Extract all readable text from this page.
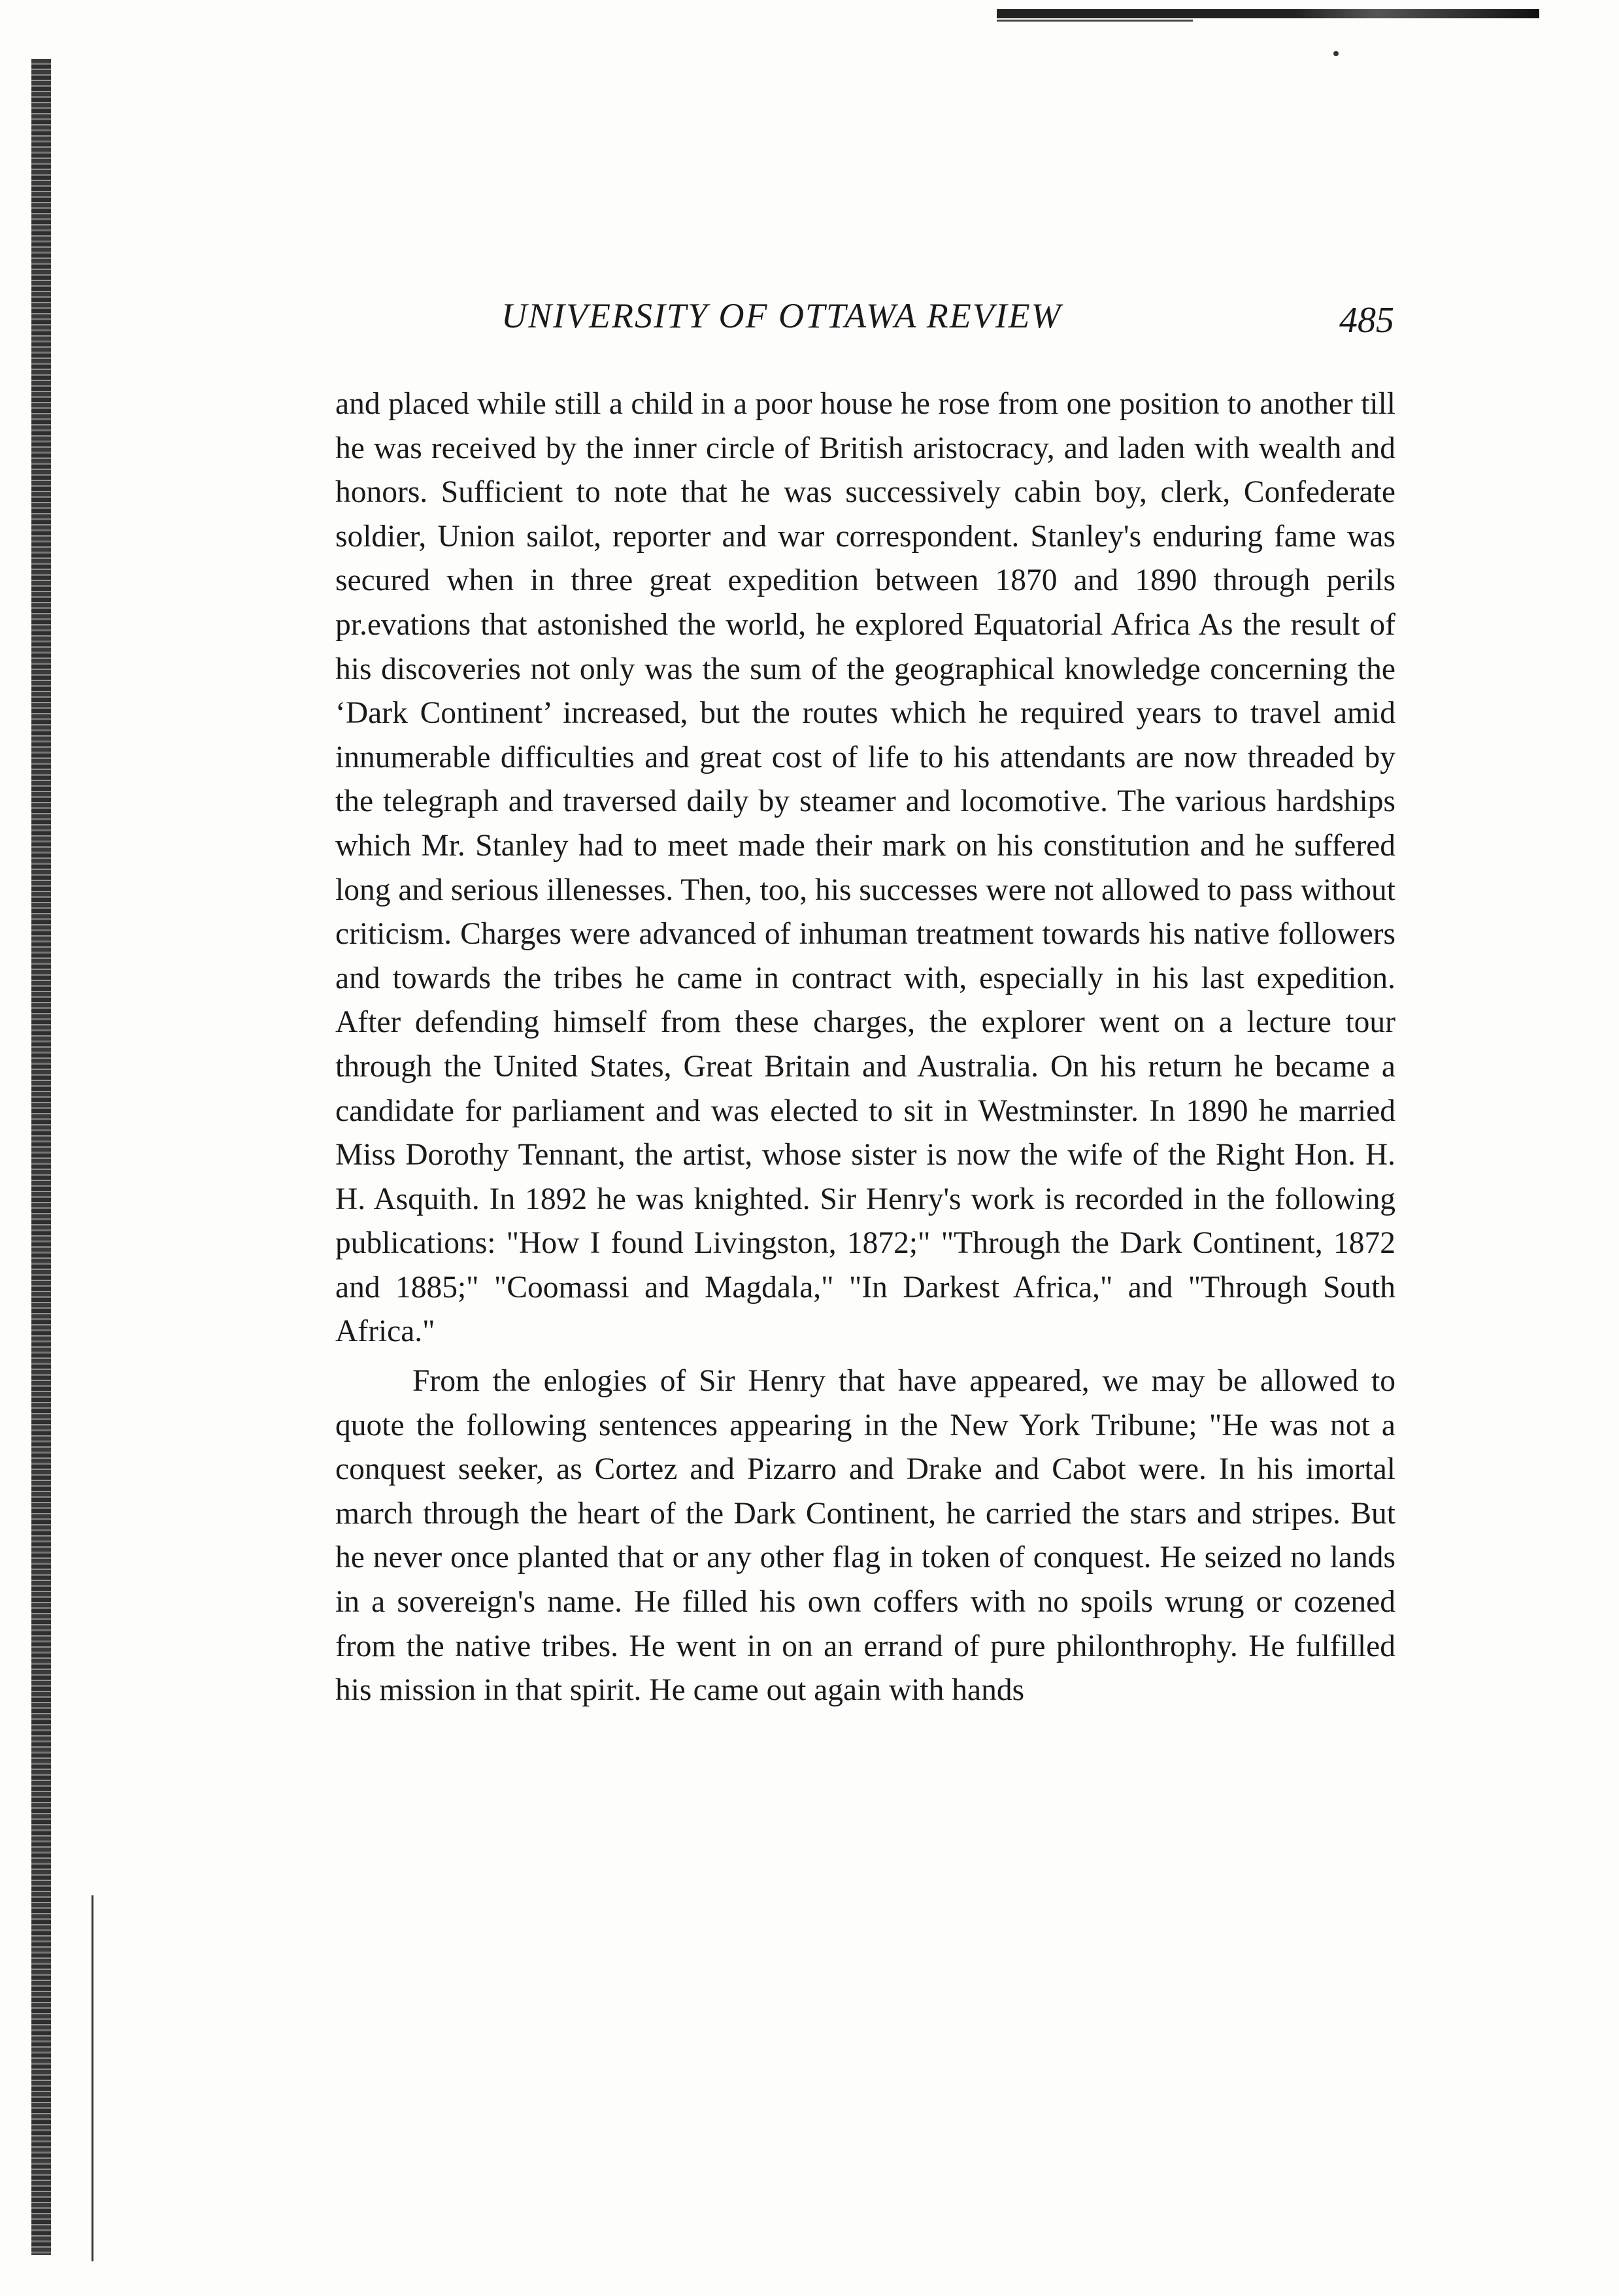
UNIVERSITY OF OTTAWA REVIEW	485

and placed while still a child in a poor house he rose from one position to another till he was received by the inner circle of British aristocracy, and laden with wealth and honors. Sufficient to note that he was successively cabin boy, clerk, Confederate soldier, Union sailot, reporter and war correspondent. Stanley's enduring fame was secured when in three great expedition between 1870 and 1890 through perils pr.evations that astonished the world, he explored Equatorial Africa As the result of his discoveries not only was the sum of the geographical knowledge concerning the ‘Dark Continent’ increased, but the routes which he required years to travel amid innumerable difficulties and great cost of life to his attendants are now threaded by the telegraph and traversed daily by steamer and locomotive. The various hardships which Mr. Stanley had to meet made their mark on his constitution and he suffered long and serious illenesses. Then, too, his successes were not allowed to pass without criticism. Charges were advanced of inhuman treatment towards his native followers and towards the tribes he came in contract with, especially in his last expedition. After defending himself from these charges, the explorer went on a lecture tour through the United States, Great Britain and Australia. On his return he became a candidate for parliament and was elected to sit in Westminster. In 1890 he married Miss Dorothy Tennant, the artist, whose sister is now the wife of the Right Hon. H. H. Asquith. In 1892 he was knighted. Sir Henry's work is recorded in the following publications: "How I found Livingston, 1872;" "Through the Dark Continent, 1872 and 1885;" "Coomassi and Magdala," "In Darkest Africa," and "Through South Africa."

From the enlogies of Sir Henry that have appeared, we may be allowed to quote the following sentences appearing in the New York Tribune; "He was not a conquest seeker, as Cortez and Pizarro and Drake and Cabot were. In his imortal march through the heart of the Dark Continent, he carried the stars and stripes. But he never once planted that or any other flag in token of conquest. He seized no lands in a sovereign's name. He filled his own coffers with no spoils wrung or cozened from the native tribes. He went in on an errand of pure philonthrophy. He fulfilled his mission in that spirit. He came out again with hands
